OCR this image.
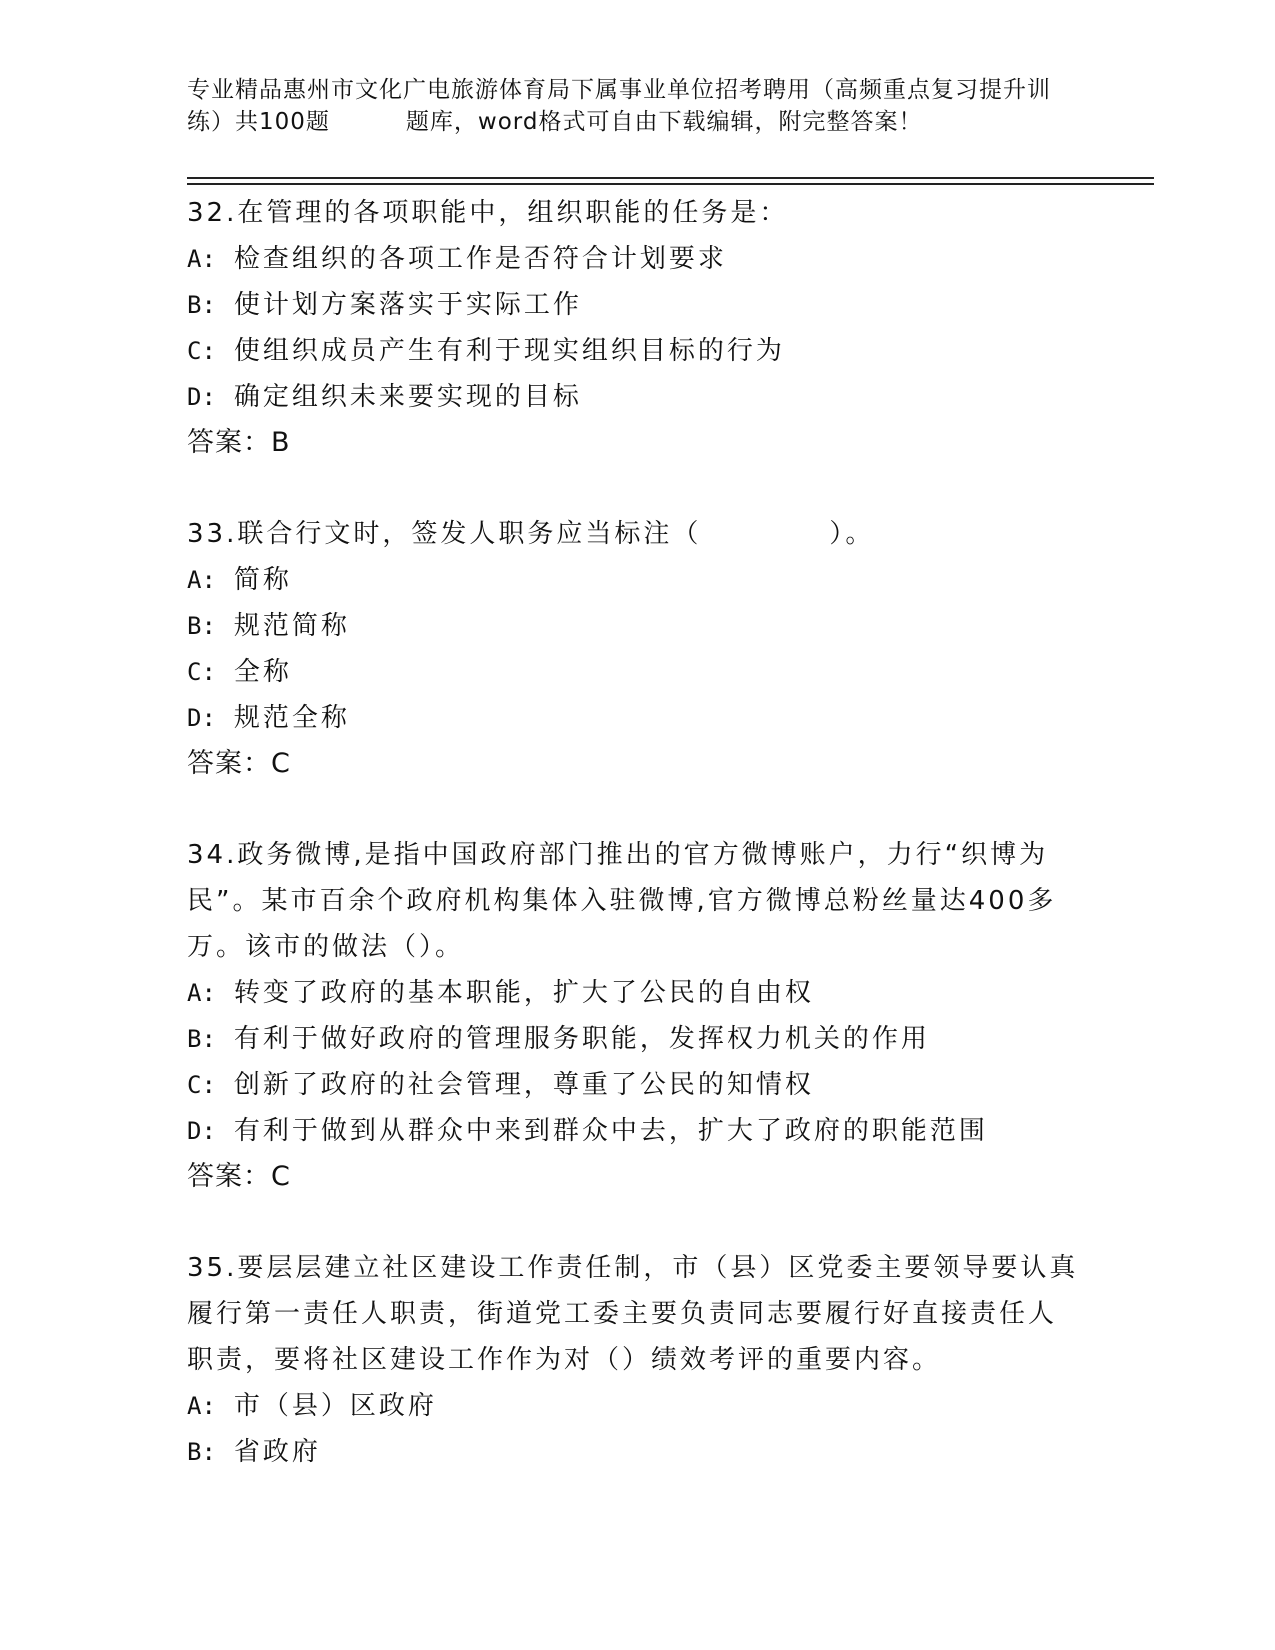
专业精品惠州市文化广电旅游体育局下属事业单位招考聘用（高频重点复习提升训
练）共100题	题库，word格式可自由下载编辑，附完整答案！
32.在管理的各项职能中，组织职能的任务是：
A: 检查组织的各项工作是否符合计划要求
B: 使计划方案落实于实际工作
C: 使组织成员产生有利于现实组织目标的行为
D: 确定组织未来要实现的目标
答案：B
33.联合行文时，签发人职务应当标注（	）。
A: 简称
B: 规范简称
C: 全称
D: 规范全称
答案：C
34.政务微博,是指中国政府部门推出的官方微博账户，力行“织博为
民”。某市百余个政府机构集体入驻微博,官方微博总粉丝量达400多
万。该市的做法（）。
A: 转变了政府的基本职能，扩大了公民的自由权
B: 有利于做好政府的管理服务职能，发挥权力机关的作用
C: 创新了政府的社会管理，尊重了公民的知情权
D: 有利于做到从群众中来到群众中去，扩大了政府的职能范围
答案：C
35.要层层建立社区建设工作责任制，市（县）区党委主要领导要认真
履行第一责任人职责，街道党工委主要负责同志要履行好直接责任人
职责，要将社区建设工作作为对（）绩效考评的重要内容。
A: 市（县）区政府
B: 省政府
